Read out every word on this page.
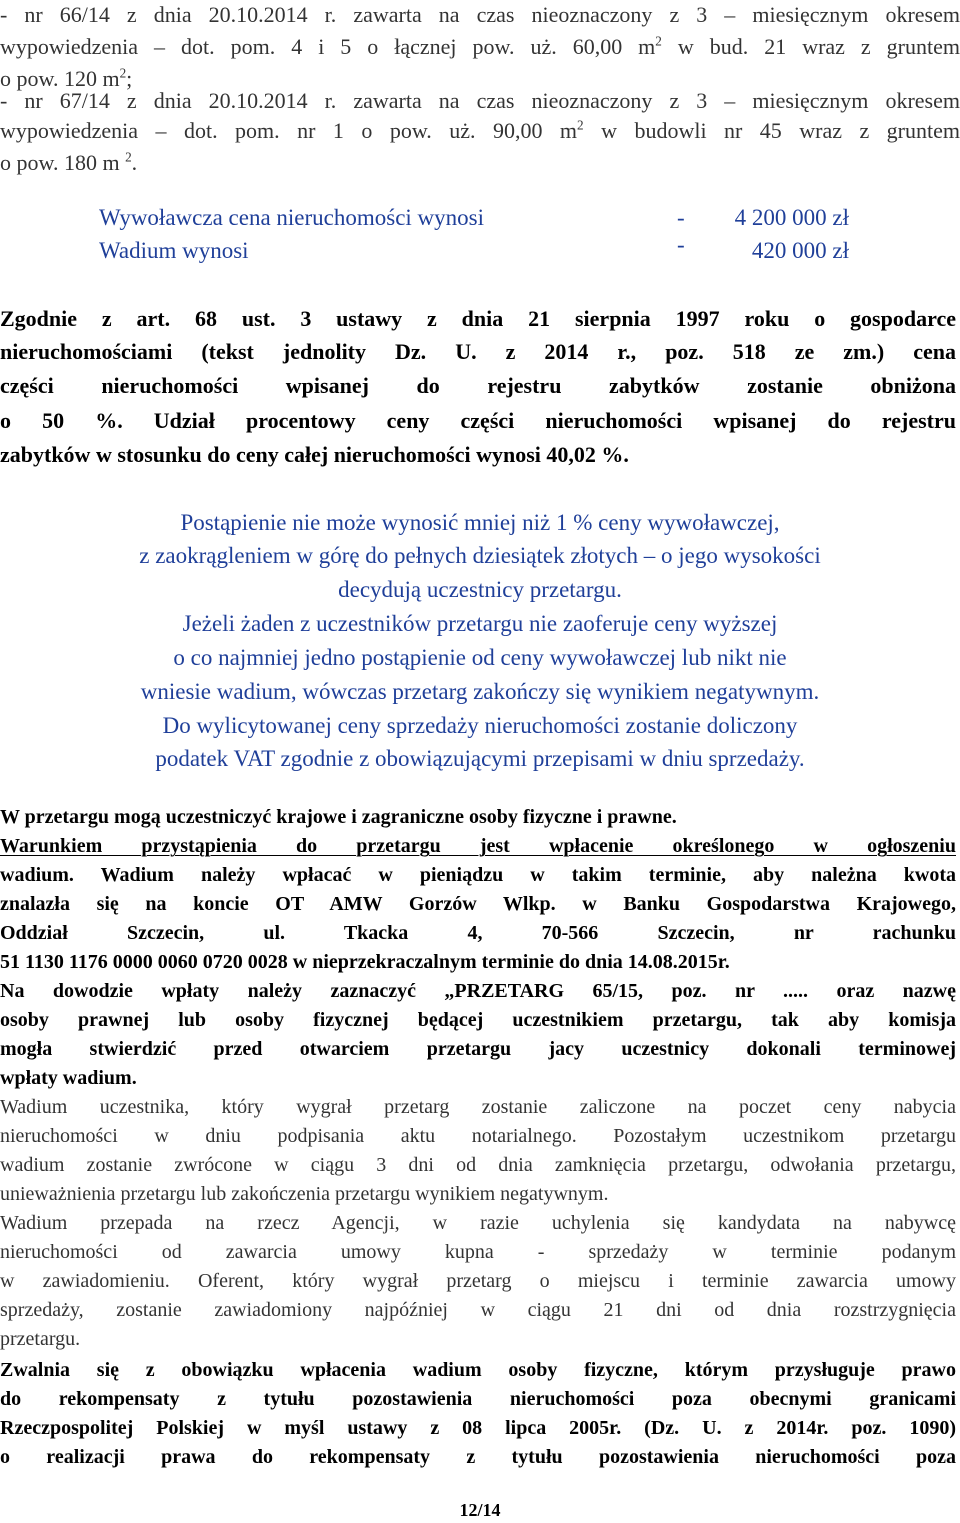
- nr 66/14 z dnia 20.10.2014 r. zawarta na czas nieoznaczony z 3 – miesięcznym okresem
wypowiedzenia – dot. pom. 4 i 5 o łącznej pow. uż. 60,00 $m^2$ w bud. 21 wraz z gruntem
o pow. 120 $m^2$;
- nr 67/14 z dnia 20.10.2014 r. zawarta na czas nieoznaczony z 3 – miesięcznym okresem
wypowiedzenia – dot. pom. nr 1 o pow. uż. 90,00 $m^2$ w budowli nr 45 wraz z gruntem
o pow. 180 m $^2$.
Wywoławcza cena nieruchomości wynosi	- 4 200 000 zł
Wadium wynosi	-	420 000 zł
Zgodnie z art. 68 ust. 3 ustawy z dnia 21 sierpnia 1997 roku o gospodarce
nieruchomościami (tekst jednolity Dz. U. z 2014 r., poz. 518 ze zm.) cena
części nieruchomości wpisanej do rejestru zabytków zostanie obniżona
o 50 %. Udział procentowy ceny części nieruchomości wpisanej do rejestru
zabytków w stosunku do ceny całej nieruchomości wynosi 40,02 %.
Postąpienie nie może wynosić mniej niż 1 % ceny wywoławczej,
z zaokrągleniem w górę do pełnych dziesiątek złotych – o jego wysokości
decydują uczestnicy przetargu.
Jeżeli żaden z uczestników przetargu nie zaoferuje ceny wyższej
o co najmniej jedno postąpienie od ceny wywoławczej lub nikt nie
wniesie wadium, wówczas przetarg zakończy się wynikiem negatywnym.
Do wylicytowanej ceny sprzedaży nieruchomości zostanie doliczony
podatek VAT zgodnie z obowiązującymi przepisami w dniu sprzedaży.
W przetargu mogą uczestniczyć krajowe i zagraniczne osoby fizyczne i prawne.
Warunkiem przystąpienia do przetargu jest wpłacenie określonego w ogłoszeniu
wadium. Wadium należy wpłacać w pieniądzu w takim terminie, aby należna kwota
znalazła się na koncie OT AMW Gorzów Wlkp. w Banku Gospodarstwa Krajowego,
Oddział Szczecin, ul. Tkacka 4, 70-566 Szczecin, nr rachunku
51 1130 1176 0000 0060 0720 0028 w nieprzekraczalnym terminie do dnia 14.08.2015r.
Na dowodzie wpłaty należy zaznaczyć „PRZETARG 65/15, poz. nr ..... oraz nazwę
osoby prawnej lub osoby fizycznej będącej uczestnikiem przetargu, tak aby komisja
mogła stwierdzić przed otwarciem przetargu jacy uczestnicy dokonali terminowej
wpłaty wadium.
Wadium uczestnika, który wygrał przetarg zostanie zaliczone na poczet ceny nabycia
nieruchomości w dniu podpisania aktu notarialnego. Pozostałym uczestnikom przetargu
wadium zostanie zwrócone w ciągu 3 dni od dnia zamknięcia przetargu, odwołania przetargu,
unieważnienia przetargu lub zakończenia przetargu wynikiem negatywnym.
Wadium przepada na rzecz Agencji, w razie uchylenia się kandydata na nabywcę
nieruchomości od zawarcia umowy kupna - sprzedaży w terminie podanym
w zawiadomieniu. Oferent, który wygrał przetarg o miejscu i terminie zawarcia umowy
sprzedaży, zostanie zawiadomiony najpóźniej w ciągu 21 dni od dnia rozstrzygnięcia
przetargu.
Zwalnia się z obowiązku wpłacenia wadium osoby fizyczne, którym przysługuje prawo
do rekompensaty z tytułu pozostawienia nieruchomości poza obecnymi granicami
Rzeczpospolitej Polskiej w myśl ustawy z 08 lipca 2005r. (Dz. U. z 2014r. poz. 1090)
o realizacji prawa do rekompensaty z tytułu pozostawienia nieruchomości poza
12/14
